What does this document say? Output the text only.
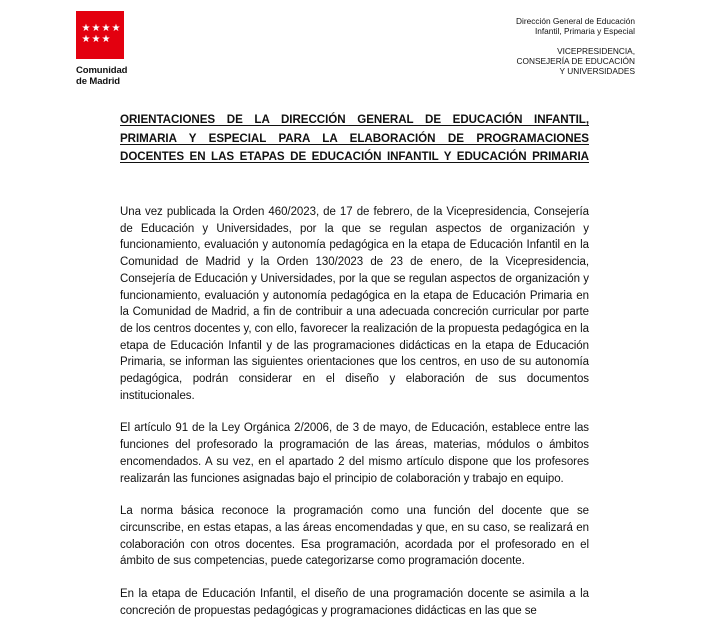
★ ★ ★ ★
★ ★ ★
Comunidad
de Madrid
Dirección General de Educación
Infantil, Primaria y Especial
VICEPRESIDENCIA,
CONSEJERÍA DE EDUCACIÓN
Y UNIVERSIDADES
ORIENTACIONES DE LA DIRECCIÓN GENERAL DE EDUCACIÓN INFANTIL,
PRIMARIA Y ESPECIAL PARA LA ELABORACIÓN DE PROGRAMACIONES
DOCENTES EN LAS ETAPAS DE EDUCACIÓN INFANTIL Y EDUCACIÓN PRIMARIA

Una vez publicada la Orden 460/2023, de 17 de febrero, de la Vicepresidencia, Consejería de Educación y Universidades, por la que se regulan aspectos de organización y funcionamiento, evaluación y autonomía pedagógica en la etapa de Educación Infantil en la Comunidad de Madrid y la Orden 130/2023 de 23 de enero, de la Vicepresidencia, Consejería de Educación y Universidades, por la que se regulan aspectos de organización y funcionamiento, evaluación y autonomía pedagógica en la etapa de Educación Primaria en la Comunidad de Madrid, a fin de contribuir a una adecuada concreción curricular por parte de los centros docentes y, con ello, favorecer la realización de la propuesta pedagógica en la etapa de Educación Infantil y de las programaciones didácticas en la etapa de Educación Primaria, se informan las siguientes orientaciones que los centros, en uso de su autonomía pedagógica, podrán considerar en el diseño y elaboración de sus documentos institucionales.

El artículo 91 de la Ley Orgánica 2/2006, de 3 de mayo, de Educación, establece entre las funciones del profesorado la programación de las áreas, materias, módulos o ámbitos encomendados. A su vez, en el apartado 2 del mismo artículo dispone que los profesores realizarán las funciones asignadas bajo el principio de colaboración y trabajo en equipo.

La norma básica reconoce la programación como una función del docente que se circunscribe, en estas etapas, a las áreas encomendadas y que, en su caso, se realizará en colaboración con otros docentes. Esa programación, acordada por el profesorado en el ámbito de sus competencias, puede categorizarse como programación docente.

En la etapa de Educación Infantil, el diseño de una programación docente se asimila a la concreción de propuestas pedagógicas y programaciones didácticas en las que se
